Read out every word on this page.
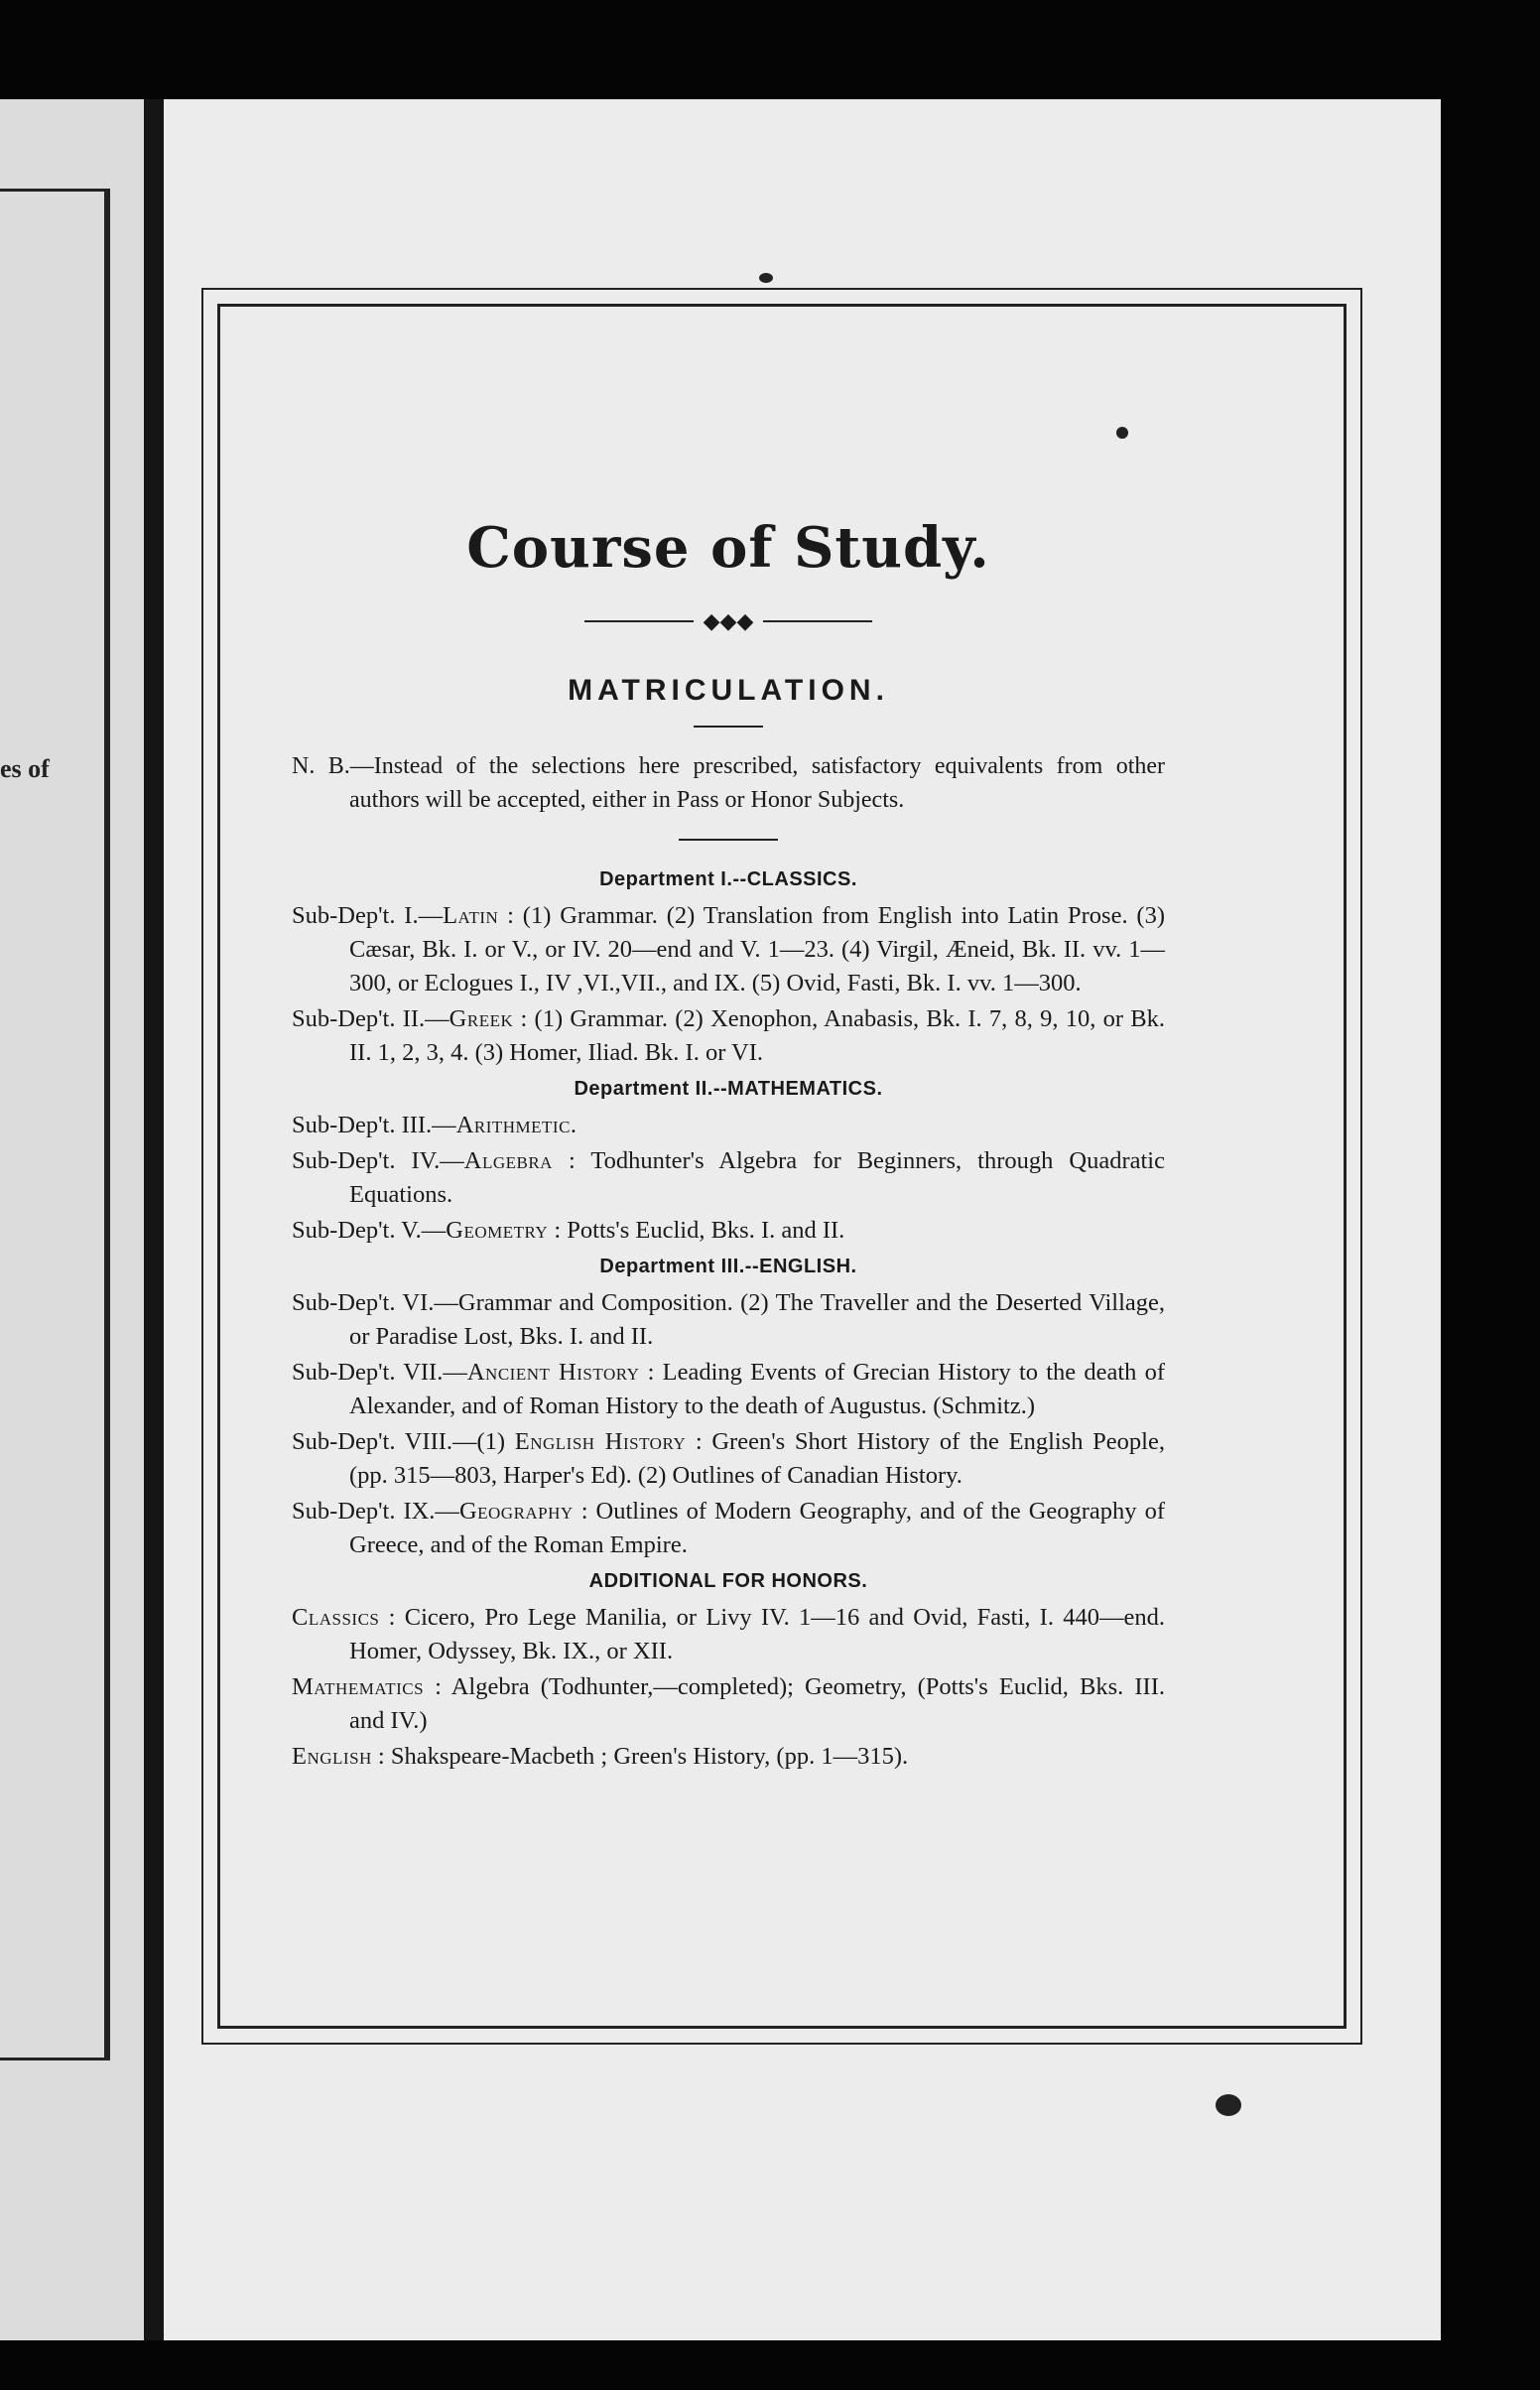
es of
Course of Study.
◆◆◆
MATRICULATION.

N. B.—Instead of the selections here prescribed, satisfactory equivalents from other authors will be accepted, either in Pass or Honor Subjects.

Department I.--CLASSICS.

Sub-Dep't. I.—Latin : (1) Grammar. (2) Translation from English into Latin Prose. (3) Cæsar, Bk. I. or V., or IV. 20—end and V. 1—23. (4) Virgil, Æneid, Bk. II. vv. 1—300, or Eclogues I., IV ,VI.,VII., and IX. (5) Ovid, Fasti, Bk. I. vv. 1—300.

Sub-Dep't. II.—Greek : (1) Grammar. (2) Xenophon, Anabasis, Bk. I. 7, 8, 9, 10, or Bk. II. 1, 2, 3, 4. (3) Homer, Iliad. Bk. I. or VI.

Department II.--MATHEMATICS.

Sub-Dep't. III.—Arithmetic.

Sub-Dep't. IV.—Algebra : Todhunter's Algebra for Beginners, through Quadratic Equations.

Sub-Dep't. V.—Geometry : Potts's Euclid, Bks. I. and II.

Department III.--ENGLISH.

Sub-Dep't. VI.—Grammar and Composition. (2) The Traveller and the Deserted Village, or Paradise Lost, Bks. I. and II.

Sub-Dep't. VII.—Ancient History : Leading Events of Grecian History to the death of Alexander, and of Roman History to the death of Augustus. (Schmitz.)

Sub-Dep't. VIII.—(1) English History : Green's Short History of the English People, (pp. 315—803, Harper's Ed). (2) Outlines of Canadian History.

Sub-Dep't. IX.—Geography : Outlines of Modern Geography, and of the Geography of Greece, and of the Roman Empire.

ADDITIONAL FOR HONORS.

Classics : Cicero, Pro Lege Manilia, or Livy IV. 1—16 and Ovid, Fasti, I. 440—end. Homer, Odyssey, Bk. IX., or XII.

Mathematics : Algebra (Todhunter,—completed); Geometry, (Potts's Euclid, Bks. III. and IV.)

English : Shakspeare-Macbeth ; Green's History, (pp. 1—315).
